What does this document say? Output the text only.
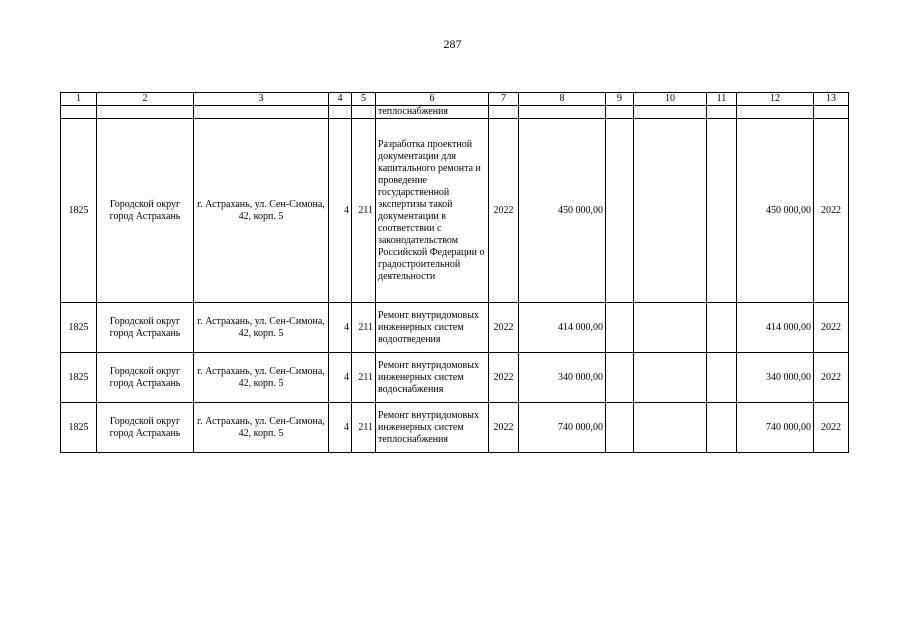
287
1	2	3	4	5	6	7	8	9	10	11	12	13
					теплоснабжения							
1825	Городской округ город Астрахань	г. Астрахань, ул. Сен-Симона, 42, корп. 5	4	211	Разработка проектной документации для капитального ремонта и проведение государственной экспертизы такой документации в соответствии с законодательством Российской Федерации о градостроительной деятельности	2022	450 000,00				450 000,00	2022
1825	Городской округ город Астрахань	г. Астрахань, ул. Сен-Симона, 42, корп. 5	4	211	Ремонт внутридомовых инженерных систем водоотведения	2022	414 000,00				414 000,00	2022
1825	Городской округ город Астрахань	г. Астрахань, ул. Сен-Симона, 42, корп. 5	4	211	Ремонт внутридомовых инженерных систем водоснабжения	2022	340 000,00				340 000,00	2022
1825	Городской округ город Астрахань	г. Астрахань, ул. Сен-Симона, 42, корп. 5	4	211	Ремонт внутридомовых инженерных систем теплоснабжения	2022	740 000,00				740 000,00	2022
